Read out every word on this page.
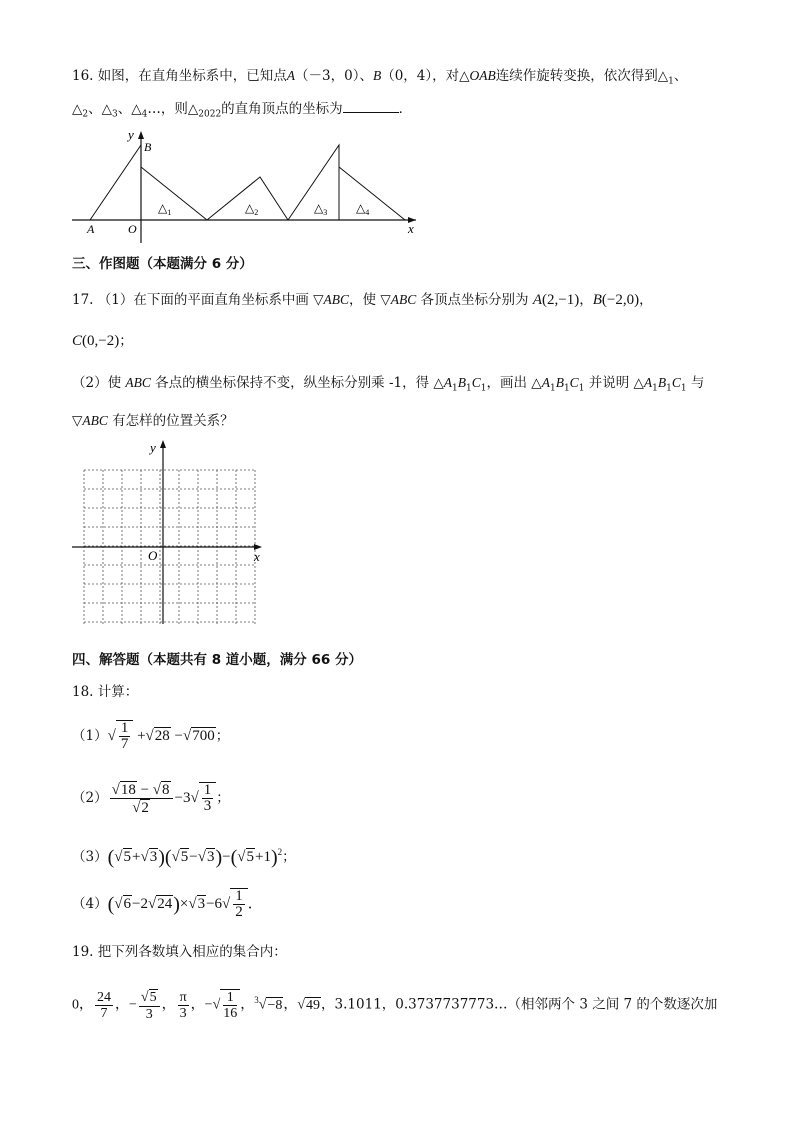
16. 如图，在直角坐标系中，已知点A（－3，0）、B（0，4），对△OAB连续作旋转变换，依次得到$\triangle_1$、
$\triangle_2$、$\triangle_3$、$\triangle_4\dots$，则$\triangle_{2022}$的直角顶点的坐标为	．
y
B
A	O	x
$\triangle_1$	$\triangle_2$	$\triangle_3$ $\triangle_4$
三、作图题（本题满分 6 分）
17. （1）在下面的平面直角坐标系中画 ▽ABC，使 ▽ABC 各顶点坐标分别为 A(2,−1)，B(−2,0)，
C(0,−2)；
（2）使 ABC 各点的横坐标保持不变，纵坐标分别乘 -1，得 $\triangle A_1B_1C_1$，画出 $\triangle A_1B_1C_1$ 并说明 $\triangle A_1B_1C_1$ 与
▽ABC 有怎样的位置关系？
y
O	x
四、解答题（本题共有 8 道小题，满分 66 分）
18. 计算：
$(1)√ \frac{1}{7} +√28 -√700$；
$(2) \frac{√18 - √8}{√2} -3√ \frac{1}{3}$ ；
$(3)(√5+√3)(√5-√3)-(√5+1)^2$；
$(4)(√6-2√24)\times√3-6√ \frac{1}{2}$ ．
19. 把下列各数填入相应的集合内：
0， $\frac{24}{7}$ ，− $\frac{√5}{3}$ ， $\frac{\pi}{3}$ ，−√ $\frac{1}{16}$ ，$^3$√−8，√49，3.1011，0.3737737773…（相邻两个 3 之间 7 的个数逐次加
